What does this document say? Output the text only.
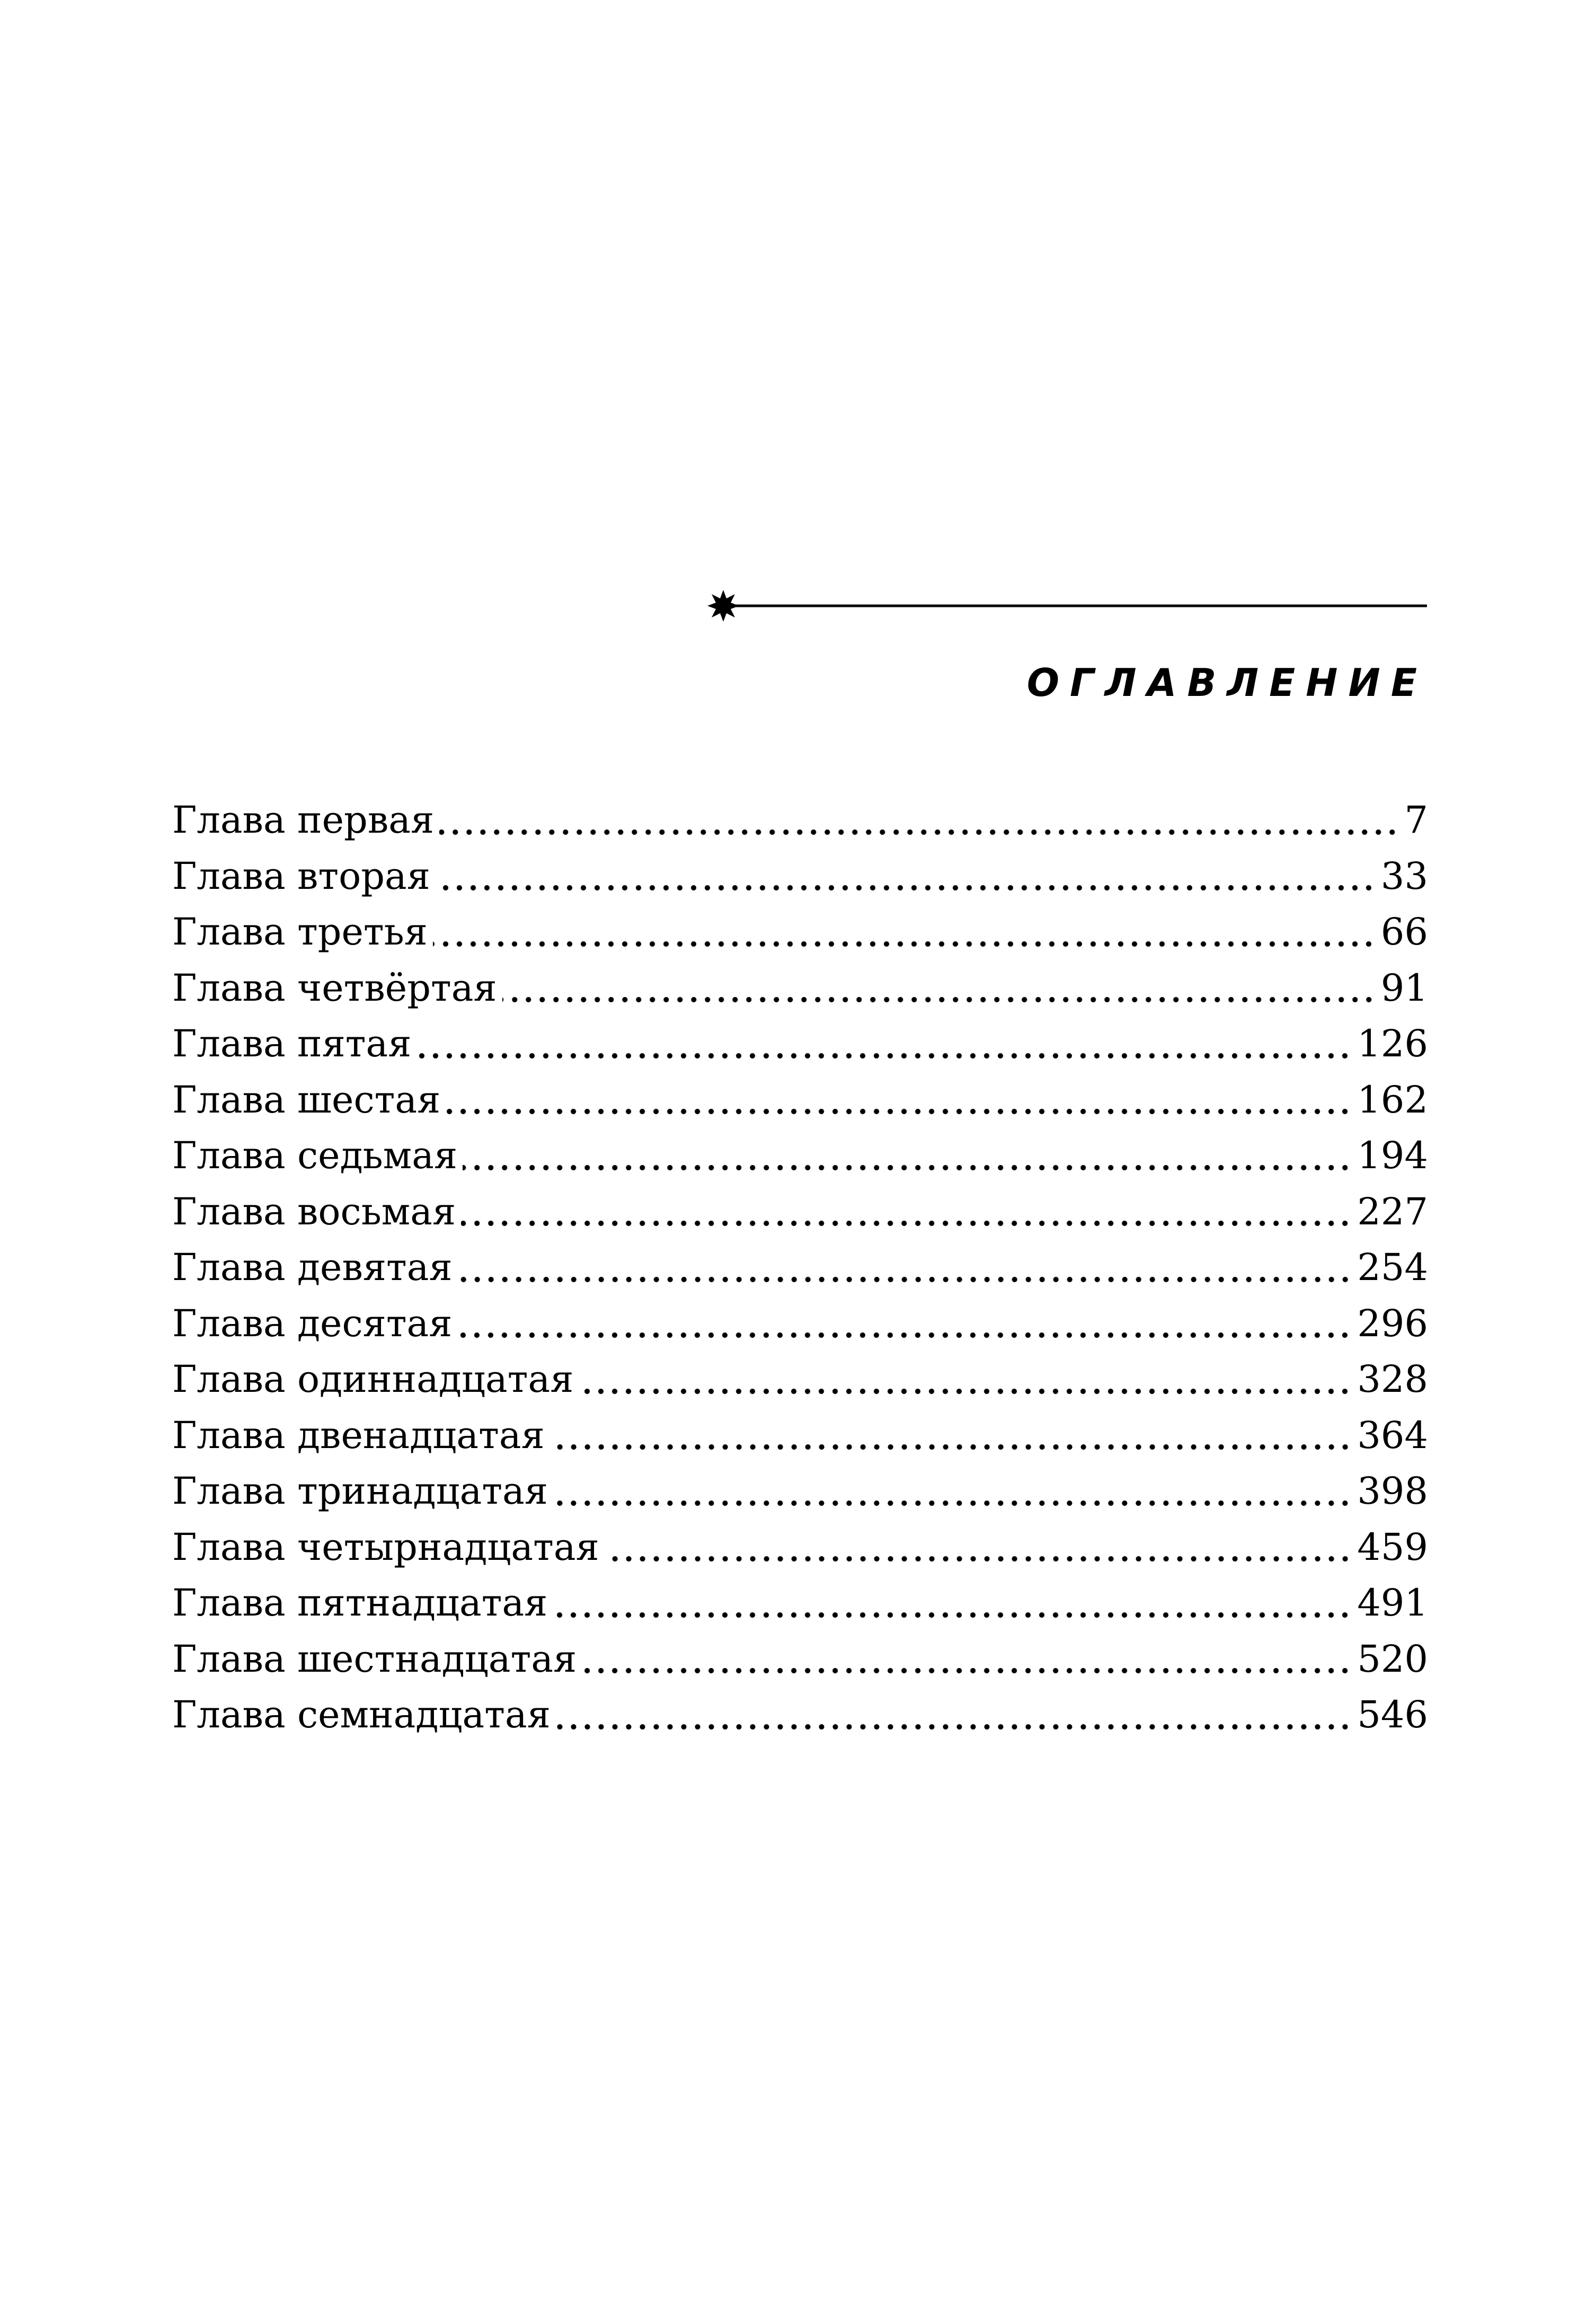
ОГЛАВЛЕНИЕ
Глава первая	7
Глава вторая	33
Глава третья	66
Глава четвёртая	91
Глава пятая	126
Глава шестая	162
Глава седьмая	194
Глава восьмая	227
Глава девятая	254
Глава десятая	296
Глава одиннадцатая	328
Глава двенадцатая	364
Глава тринадцатая	398
Глава четырнадцатая	459
Глава пятнадцатая	491
Глава шестнадцатая	520
Глава семнадцатая	546
